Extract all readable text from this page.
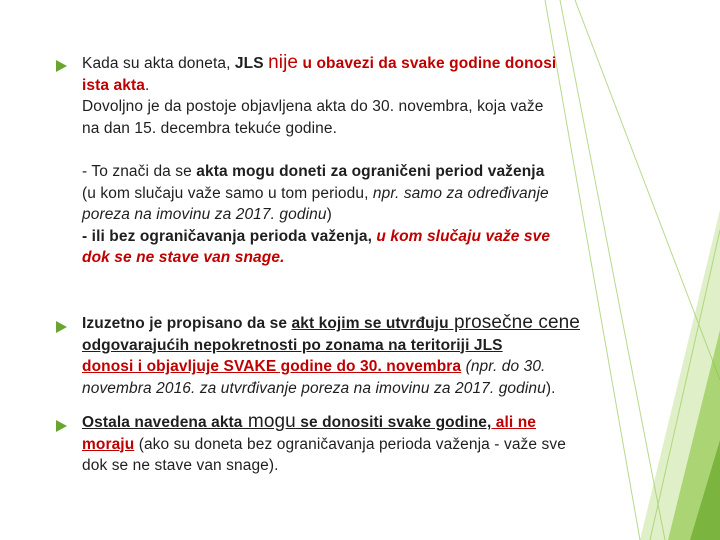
Kada su akta doneta, JLS nije u obavezi da svake godine donosi
ista akta.
Dovoljno je da postoje objavljena akta do 30. novembra, koja važe
na dan 15. decembra tekuće godine.
- To znači da se akta mogu doneti za ograničeni period važenja
(u kom slučaju važe samo u tom periodu, npr. samo za određivanje
poreza na imovinu za 2017. godinu)
- ili bez ograničavanja perioda važenja, u kom slučaju važe sve
dok se ne stave van snage.
Izuzetno je propisano da se akt kojim se utvrđuju prosečne cene
odgovarajućih nepokretnosti po zonama na teritoriji JLS
donosi i objavljuje SVAKE godine do 30. novembra (npr. do 30.
novembra 2016. za utvrđivanje poreza na imovinu za 2017. godinu).
Ostala navedena akta mogu se donositi svake godine, ali ne
moraju (ako su doneta bez ograničavanja perioda važenja - važe sve
dok se ne stave van snage).
